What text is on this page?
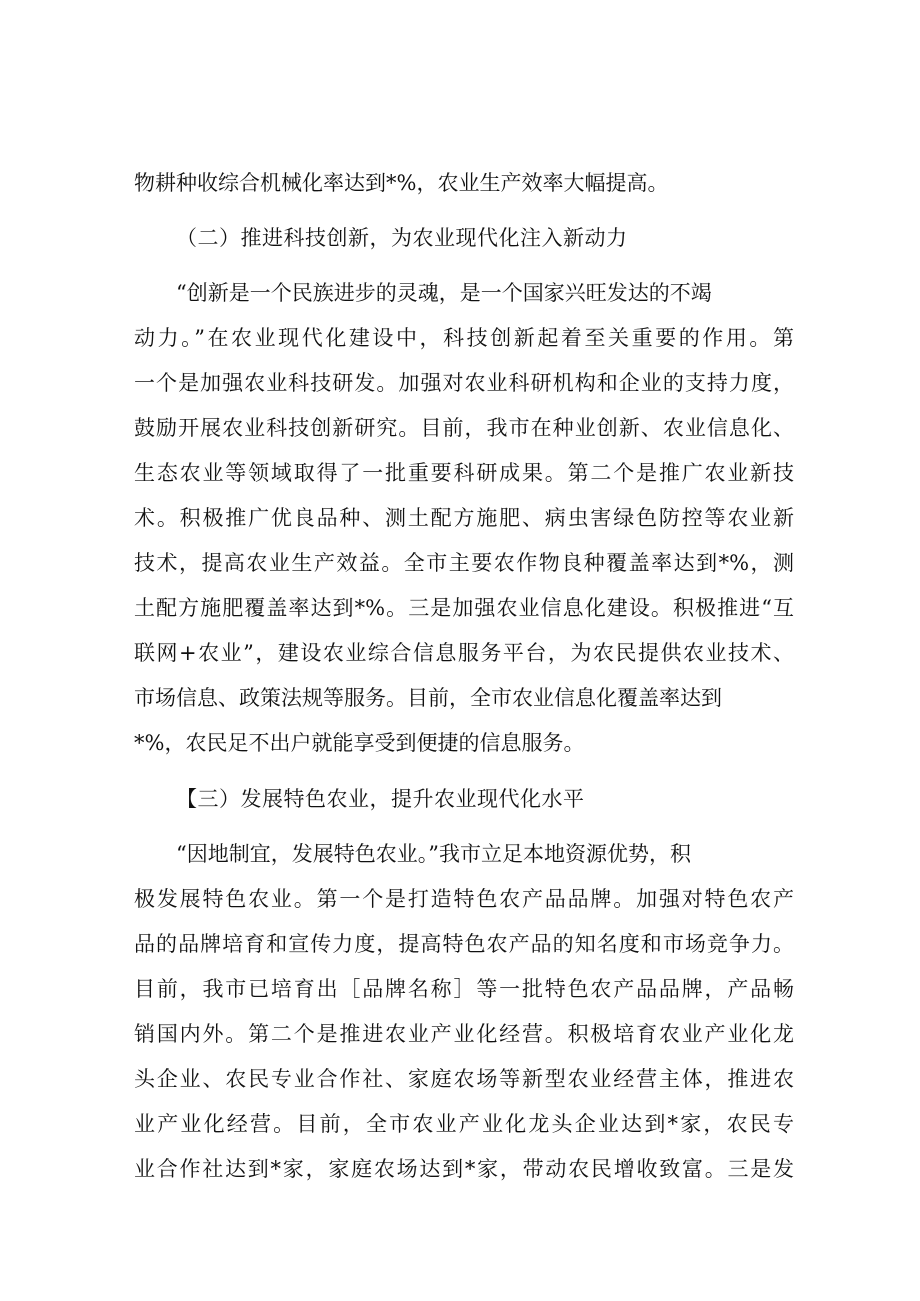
物耕种收综合机械化率达到*%，农业生产效率大幅提高。
（二）推进科技创新，为农业现代化注入新动力
“创新是一个民族进步的灵魂，是一个国家兴旺发达的不竭
动力。”在农业现代化建设中，科技创新起着至关重要的作用。第
一个是加强农业科技研发。加强对农业科研机构和企业的支持力度，
鼓励开展农业科技创新研究。目前，我市在种业创新、农业信息化、
生态农业等领域取得了一批重要科研成果。第二个是推广农业新技
术。积极推广优良品种、测土配方施肥、病虫害绿色防控等农业新
技术，提高农业生产效益。全市主要农作物良种覆盖率达到*%，测
土配方施肥覆盖率达到*%。三是加强农业信息化建设。积极推进“互
联网+农业”，建设农业综合信息服务平台，为农民提供农业技术、
市场信息、政策法规等服务。目前，全市农业信息化覆盖率达到
*%，农民足不出户就能享受到便捷的信息服务。
【三）发展特色农业，提升农业现代化水平
“因地制宜，发展特色农业。”我市立足本地资源优势，积
极发展特色农业。第一个是打造特色农产品品牌。加强对特色农产
品的品牌培育和宣传力度，提高特色农产品的知名度和市场竞争力。
目前，我市已培育出［品牌名称］等一批特色农产品品牌，产品畅
销国内外。第二个是推进农业产业化经营。积极培育农业产业化龙
头企业、农民专业合作社、家庭农场等新型农业经营主体，推进农
业产业化经营。目前，全市农业产业化龙头企业达到*家，农民专
业合作社达到*家，家庭农场达到*家，带动农民增收致富。三是发
